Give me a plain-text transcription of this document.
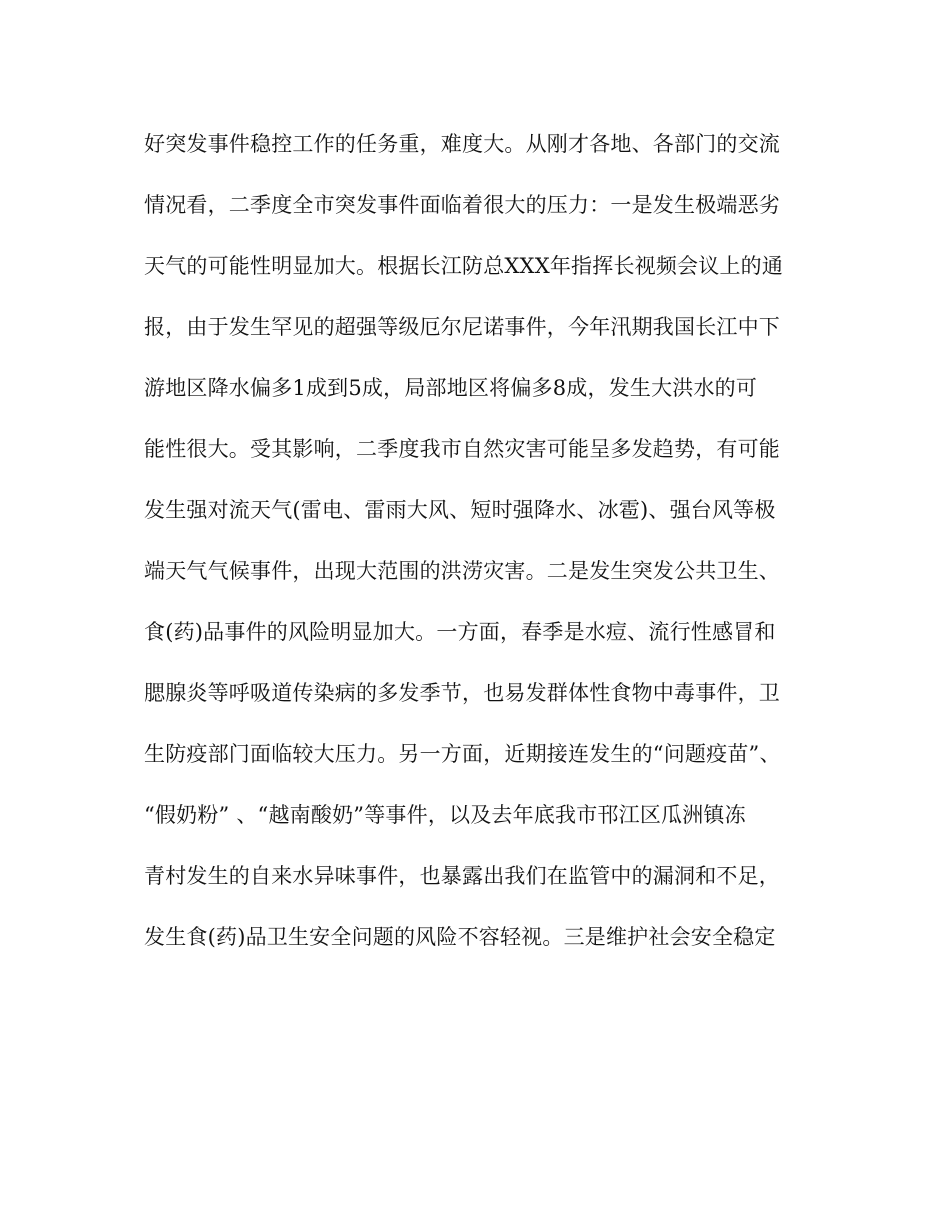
好突发事件稳控工作的任务重，难度大。从刚才各地、各部门的交流
情况看，二季度全市突发事件面临着很大的压力：一是发生极端恶劣
天气的可能性明显加大。根据长江防总XXX年指挥长视频会议上的通
报，由于发生罕见的超强等级厄尔尼诺事件，今年汛期我国长江中下
游地区降水偏多1成到5成，局部地区将偏多8成，发生大洪水的可
能性很大。受其影响，二季度我市自然灾害可能呈多发趋势，有可能
发生强对流天气(雷电、雷雨大风、短时强降水、冰雹)、强台风等极
端天气气候事件，出现大范围的洪涝灾害。二是发生突发公共卫生、
食(药)品事件的风险明显加大。一方面，春季是水痘、流行性感冒和
腮腺炎等呼吸道传染病的多发季节，也易发群体性食物中毒事件，卫
生防疫部门面临较大压力。另一方面，近期接连发生的“问题疫苗”、
“假奶粉” 、“越南酸奶”等事件，以及去年底我市邗江区瓜洲镇冻
青村发生的自来水异味事件，也暴露出我们在监管中的漏洞和不足，
发生食(药)品卫生安全问题的风险不容轻视。三是维护社会安全稳定
